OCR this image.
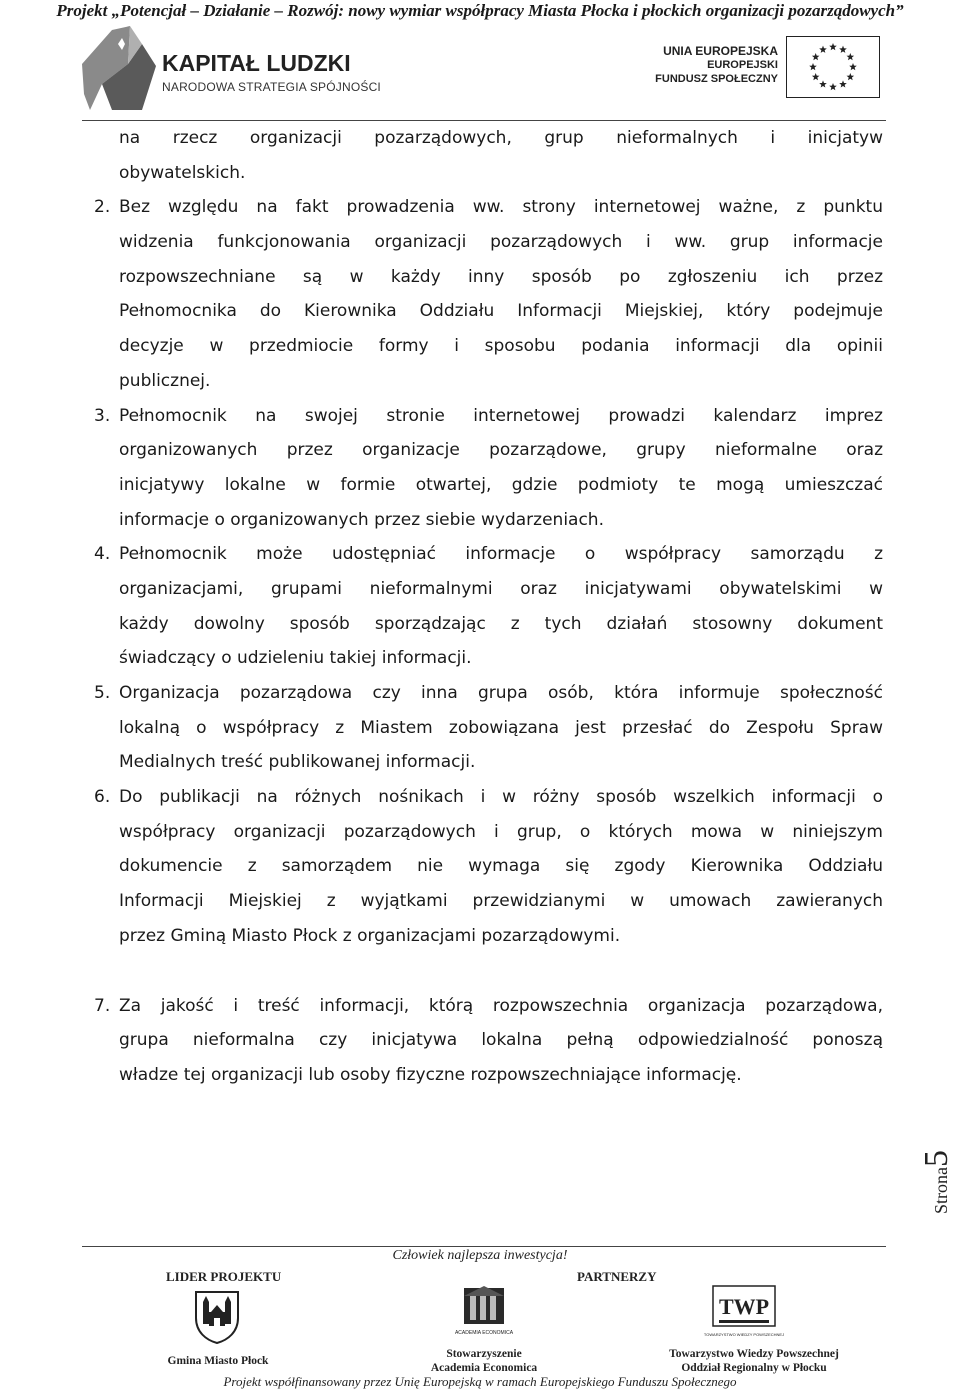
Projekt „Potencjał – Działanie – Rozwój: nowy wymiar współpracy Miasta Płocka i płockich organizacji pozarządowych”
KAPITAŁ LUDZKI
NARODOWA STRATEGIA SPÓJNOŚCI
UNIA EUROPEJSKA
EUROPEJSKI
FUNDUSZ SPOŁECZNY
na rzecz organizacji pozarządowych, grup nieformalnych i inicjatyw
obywatelskich.
2. Bez względu na fakt prowadzenia ww. strony internetowej ważne, z punktu
widzenia funkcjonowania organizacji pozarządowych i ww. grup informacje
rozpowszechniane są w każdy inny sposób po zgłoszeniu ich przez
Pełnomocnika do Kierownika Oddziału Informacji Miejskiej, który podejmuje
decyzje w przedmiocie formy i sposobu podania informacji dla opinii
publicznej.
3. Pełnomocnik na swojej stronie internetowej prowadzi kalendarz imprez
organizowanych przez organizacje pozarządowe, grupy nieformalne oraz
inicjatywy lokalne w formie otwartej, gdzie podmioty te mogą umieszczać
informacje o organizowanych przez siebie wydarzeniach.
4. Pełnomocnik może udostępniać informacje o współpracy samorządu z
organizacjami, grupami nieformalnymi oraz inicjatywami obywatelskimi w
każdy dowolny sposób sporządzając z tych działań stosowny dokument
świadczący o udzieleniu takiej informacji.
5. Organizacja pozarządowa czy inna grupa osób, która informuje społeczność
lokalną o współpracy z Miastem zobowiązana jest przesłać do Zespołu Spraw
Medialnych treść publikowanej informacji.
6. Do publikacji na różnych nośnikach i w różny sposób wszelkich informacji o
współpracy organizacji pozarządowych i grup, o których mowa w niniejszym
dokumencie z samorządem nie wymaga się zgody Kierownika Oddziału
Informacji Miejskiej z wyjątkami przewidzianymi w umowach zawieranych
przez Gminą Miasto Płock z organizacjami pozarządowymi.
7. Za jakość i treść informacji, którą rozpowszechnia organizacja pozarządowa,
grupa nieformalna czy inicjatywa lokalna pełną odpowiedzialność ponoszą
władze tej organizacji lub osoby fizyczne rozpowszechniające informację.
Strona5
Człowiek najlepsza inwestycja!
LIDER PROJEKTU	PARTNERZY
Gmina Miasto Płock
ACADEMIA ECONOMICA
Stowarzyszenie
Academia Economica
TWP
TOWARZYSTWO WIEDZY POWSZECHNEJ
Towarzystwo Wiedzy Powszechnej
Oddział Regionalny w Płocku
Projekt współfinansowany przez Unię Europejską w ramach Europejskiego Funduszu Społecznego
